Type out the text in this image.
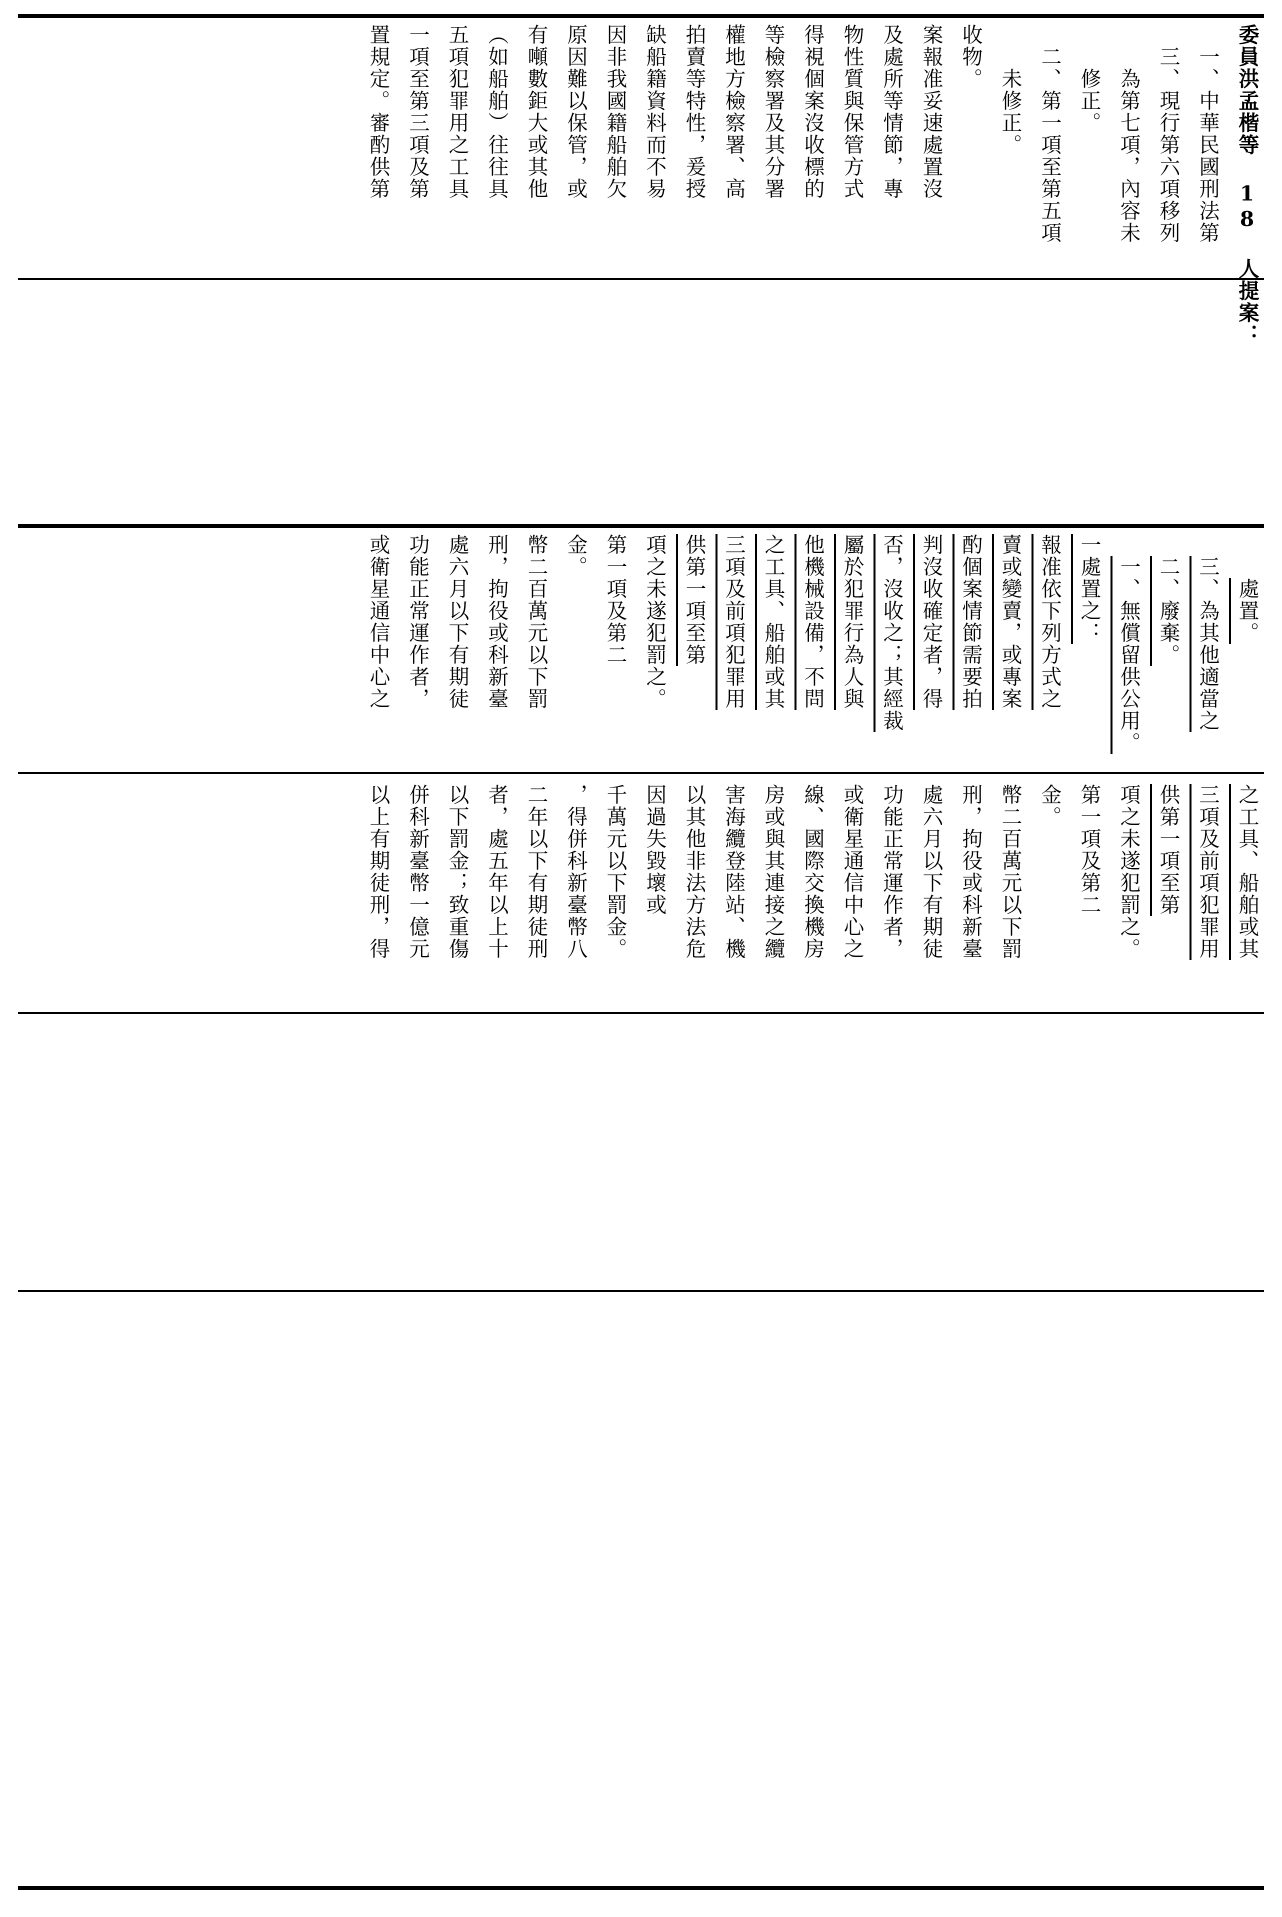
委員洪孟楷等 18 人提案：
一、中華民國刑法第
三、現行第六項移列
為第七項，內容未
修正。
二、第一項至第五項
未修正。
收物。
案報准妥速處置沒
及處所等情節，專
物性質與保管方式
得視個案沒收標的
等檢察署及其分署
權地方檢察署、高
拍賣等特性，爰授
缺船籍資料而不易
因非我國籍船舶欠
原因難以保管，或
有噸數鉅大或其他
（如船舶）往往具
五項犯罪用之工具
一項至第三項及第
置規定。審酌供第
處置。
三、為其他適當之
二、廢棄。
一、無償留供公用。
一處置之：
報准依下列方式之
賣或變賣，或專案
酌個案情節需要拍
判沒收確定者，得
否，沒收之；其經裁
屬於犯罪行為人與
他機械設備，不問
之工具、船舶或其
三項及前項犯罪用
供第一項至第
項之未遂犯罰之。
第一項及第二
金。
幣二百萬元以下罰
刑，拘役或科新臺
處六月以下有期徒
功能正常運作者，
或衛星通信中心之
之工具、船舶或其
三項及前項犯罪用
供第一項至第
項之未遂犯罰之。
第一項及第二
金。
幣二百萬元以下罰
刑，拘役或科新臺
處六月以下有期徒
功能正常運作者，
或衛星通信中心之
線、國際交換機房
房或與其連接之纜
害海纜登陸站、機
以其他非法方法危
因過失毀壞或
千萬元以下罰金。
，得併科新臺幣八
二年以下有期徒刑
者，處五年以上十
以下罰金；致重傷
併科新臺幣一億元
以上有期徒刑，得
